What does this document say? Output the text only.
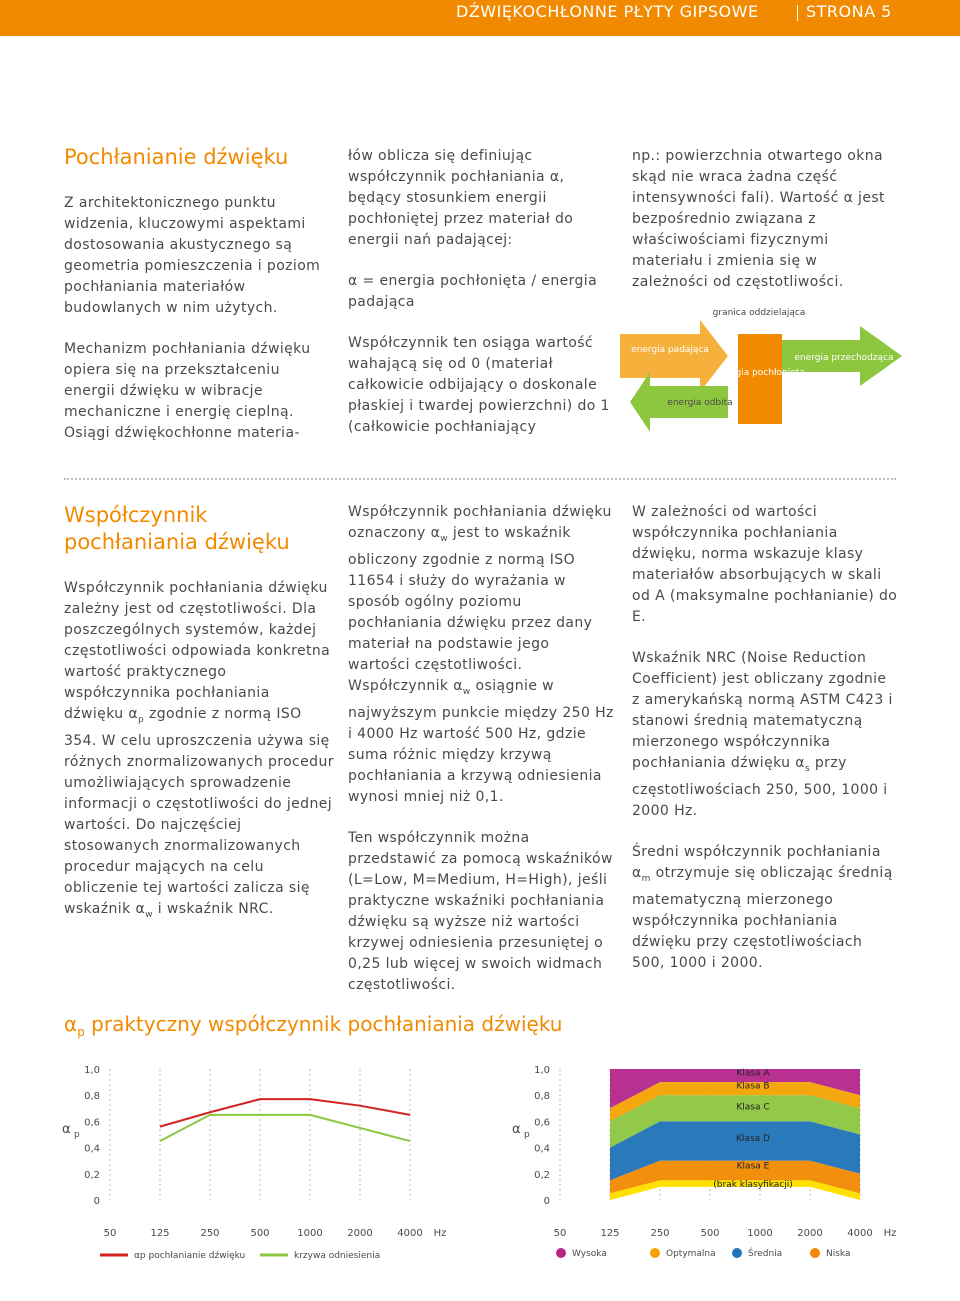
DŹWIĘKOCHŁONNE PŁYTY GIPSOWE	STRONA 5
Pochłanianie dźwięku

Z architektonicznego punktu widzenia, kluczowymi aspektami dostosowania akustycznego są geometria pomieszczenia i poziom pochłaniania materiałów budowlanych w nim użytych.

Mechanizm pochłaniania dźwięku opiera się na przekształceniu energii dźwięku w wibracje mechaniczne i energię cieplną. Osiągi dźwiękochłonne materia-

łów oblicza się definiując współczynnik pochłaniania α, będący stosunkiem energii pochłoniętej przez materiał do energii nań padającej:

α = energia pochłonięta / energia padająca

Współczynnik ten osiąga wartość wahającą się od 0 (materiał całkowicie odbijający o doskonale płaskiej i twardej powierzchni) do 1 (całkowicie pochłaniający

np.: powierzchnia otwartego okna skąd nie wraca żadna część intensywności fali). Wartość α jest bezpośrednio związana z właściwościami fizycznymi materiału i zmienia się w zależności od częstotliwości.

granica oddzielająca
energia padająca
energia odbita
energia pochłonięta
energia przechodząca
Współczynnik pochłaniania dźwięku

Współczynnik pochłaniania dźwięku zależny jest od częstotliwości. Dla poszczególnych systemów, każdej częstotliwości odpowiada konkretna wartość praktycznego współczynnika pochłaniania dźwięku $\alpha_p$ zgodnie z normą ISO 354. W celu uproszczenia używa się różnych znormalizowanych procedur umożliwiających sprowadzenie informacji o częstotliwości do jednej wartości. Do najczęściej stosowanych znormalizowanych procedur mających na celu obliczenie tej wartości zalicza się wskaźnik $\alpha_w$ i wskaźnik NRC.

Współczynnik pochłaniania dźwięku oznaczony $\alpha_w$ jest to wskaźnik obliczony zgodnie z normą ISO 11654 i służy do wyrażania w sposób ogólny poziomu pochłaniania dźwięku przez dany materiał na podstawie jego wartości częstotliwości. Współczynnik $\alpha_w$ osiągnie w najwyższym punkcie między 250 Hz i 4000 Hz wartość 500 Hz, gdzie suma różnic między krzywą pochłaniania a krzywą odniesienia wynosi mniej niż 0,1.

Ten współczynnik można przedstawić za pomocą wskaźników (L=Low, M=Medium, H=High), jeśli praktyczne wskaźniki pochłaniania dźwięku są wyższe niż wartości krzywej odniesienia przesuniętej o 0,25 lub więcej w swoich widmach częstotliwości.

W zależności od wartości współczynnika pochłaniania dźwięku, norma wskazuje klasy materiałów absorbujących w skali od A (maksymalne pochłanianie) do E.

Wskaźnik NRC (Noise Reduction Coefficient) jest obliczany zgodnie z amerykańską normą ASTM C423 i stanowi średnią matematyczną mierzonego współczynnika pochłaniania dźwięku $\alpha_s$ przy częstotliwościach 250, 500, 1000 i 2000 Hz.

Średni współczynnik pochłaniania $\alpha_m$ otrzymuje się obliczając średnią matematyczną mierzonego współczynnika pochłaniania dźwięku przy częstotliwościach 500, 1000 i 2000.

$\alpha_p$ praktyczny współczynnik pochłaniania dźwięku
α p
1,0
0,8
0,6
0,4
0,2
0
50	125	250	500	1000 2000 4000 Hz
αp pochłanianie dźwięku	krzywa odniesienia
α p
1,0
0,8
0,6
0,4
0,2
0
50	125	250	500	1000 2000 4000 Hz
Klasa A
Klasa B
Klasa C
Klasa D
Klasa E
(brak klasyfikacji)
Wysoka	Optymalna	Średnia	Niska
